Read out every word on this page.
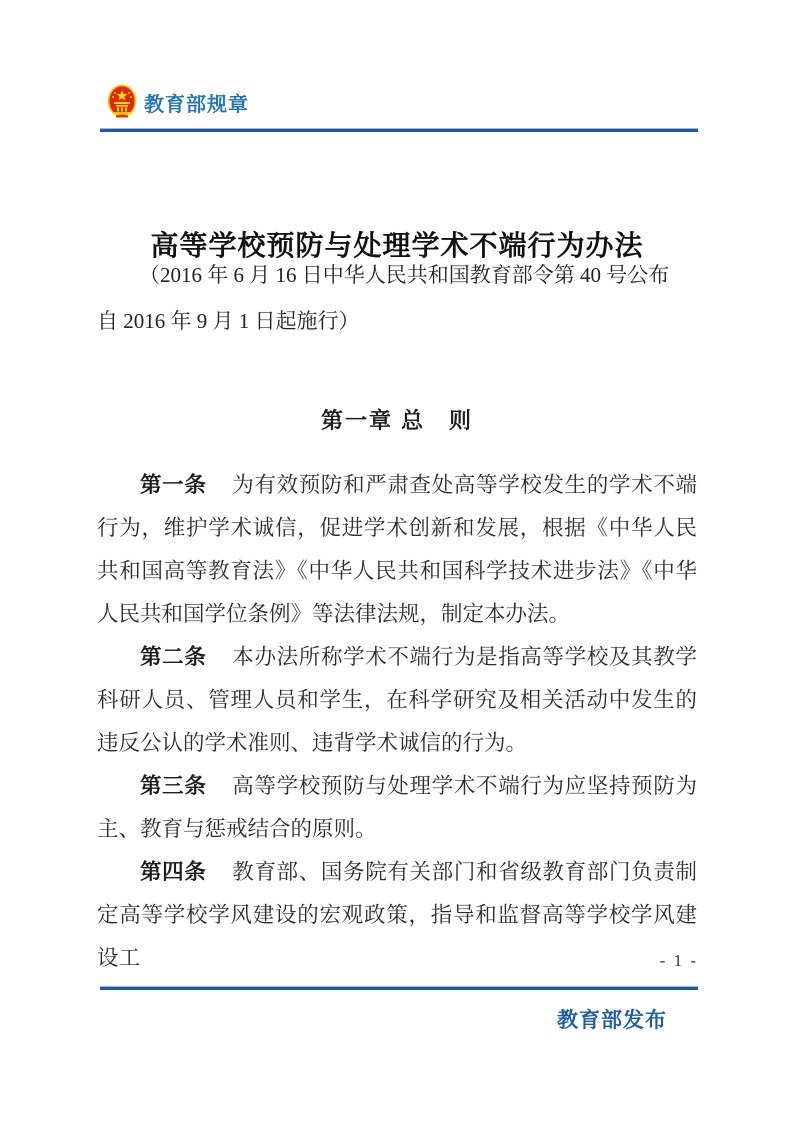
教育部规章
高等学校预防与处理学术不端行为办法

（2016 年 6 月 16 日中华人民共和国教育部令第 40 号公布

自 2016 年 9 月 1 日起施行）

第一章 总　则

第一条 为有效预防和严肃查处高等学校发生的学术不端行为，维护学术诚信，促进学术创新和发展，根据《中华人民共和国高等教育法》《中华人民共和国科学技术进步法》《中华人民共和国学位条例》等法律法规，制定本办法。

第二条 本办法所称学术不端行为是指高等学校及其教学科研人员、管理人员和学生，在科学研究及相关活动中发生的违反公认的学术准则、违背学术诚信的行为。

第三条 高等学校预防与处理学术不端行为应坚持预防为主、教育与惩戒结合的原则。

第四条 教育部、国务院有关部门和省级教育部门负责制定高等学校学风建设的宏观政策，指导和监督高等学校学风建设工	- 1 -
教育部发布
